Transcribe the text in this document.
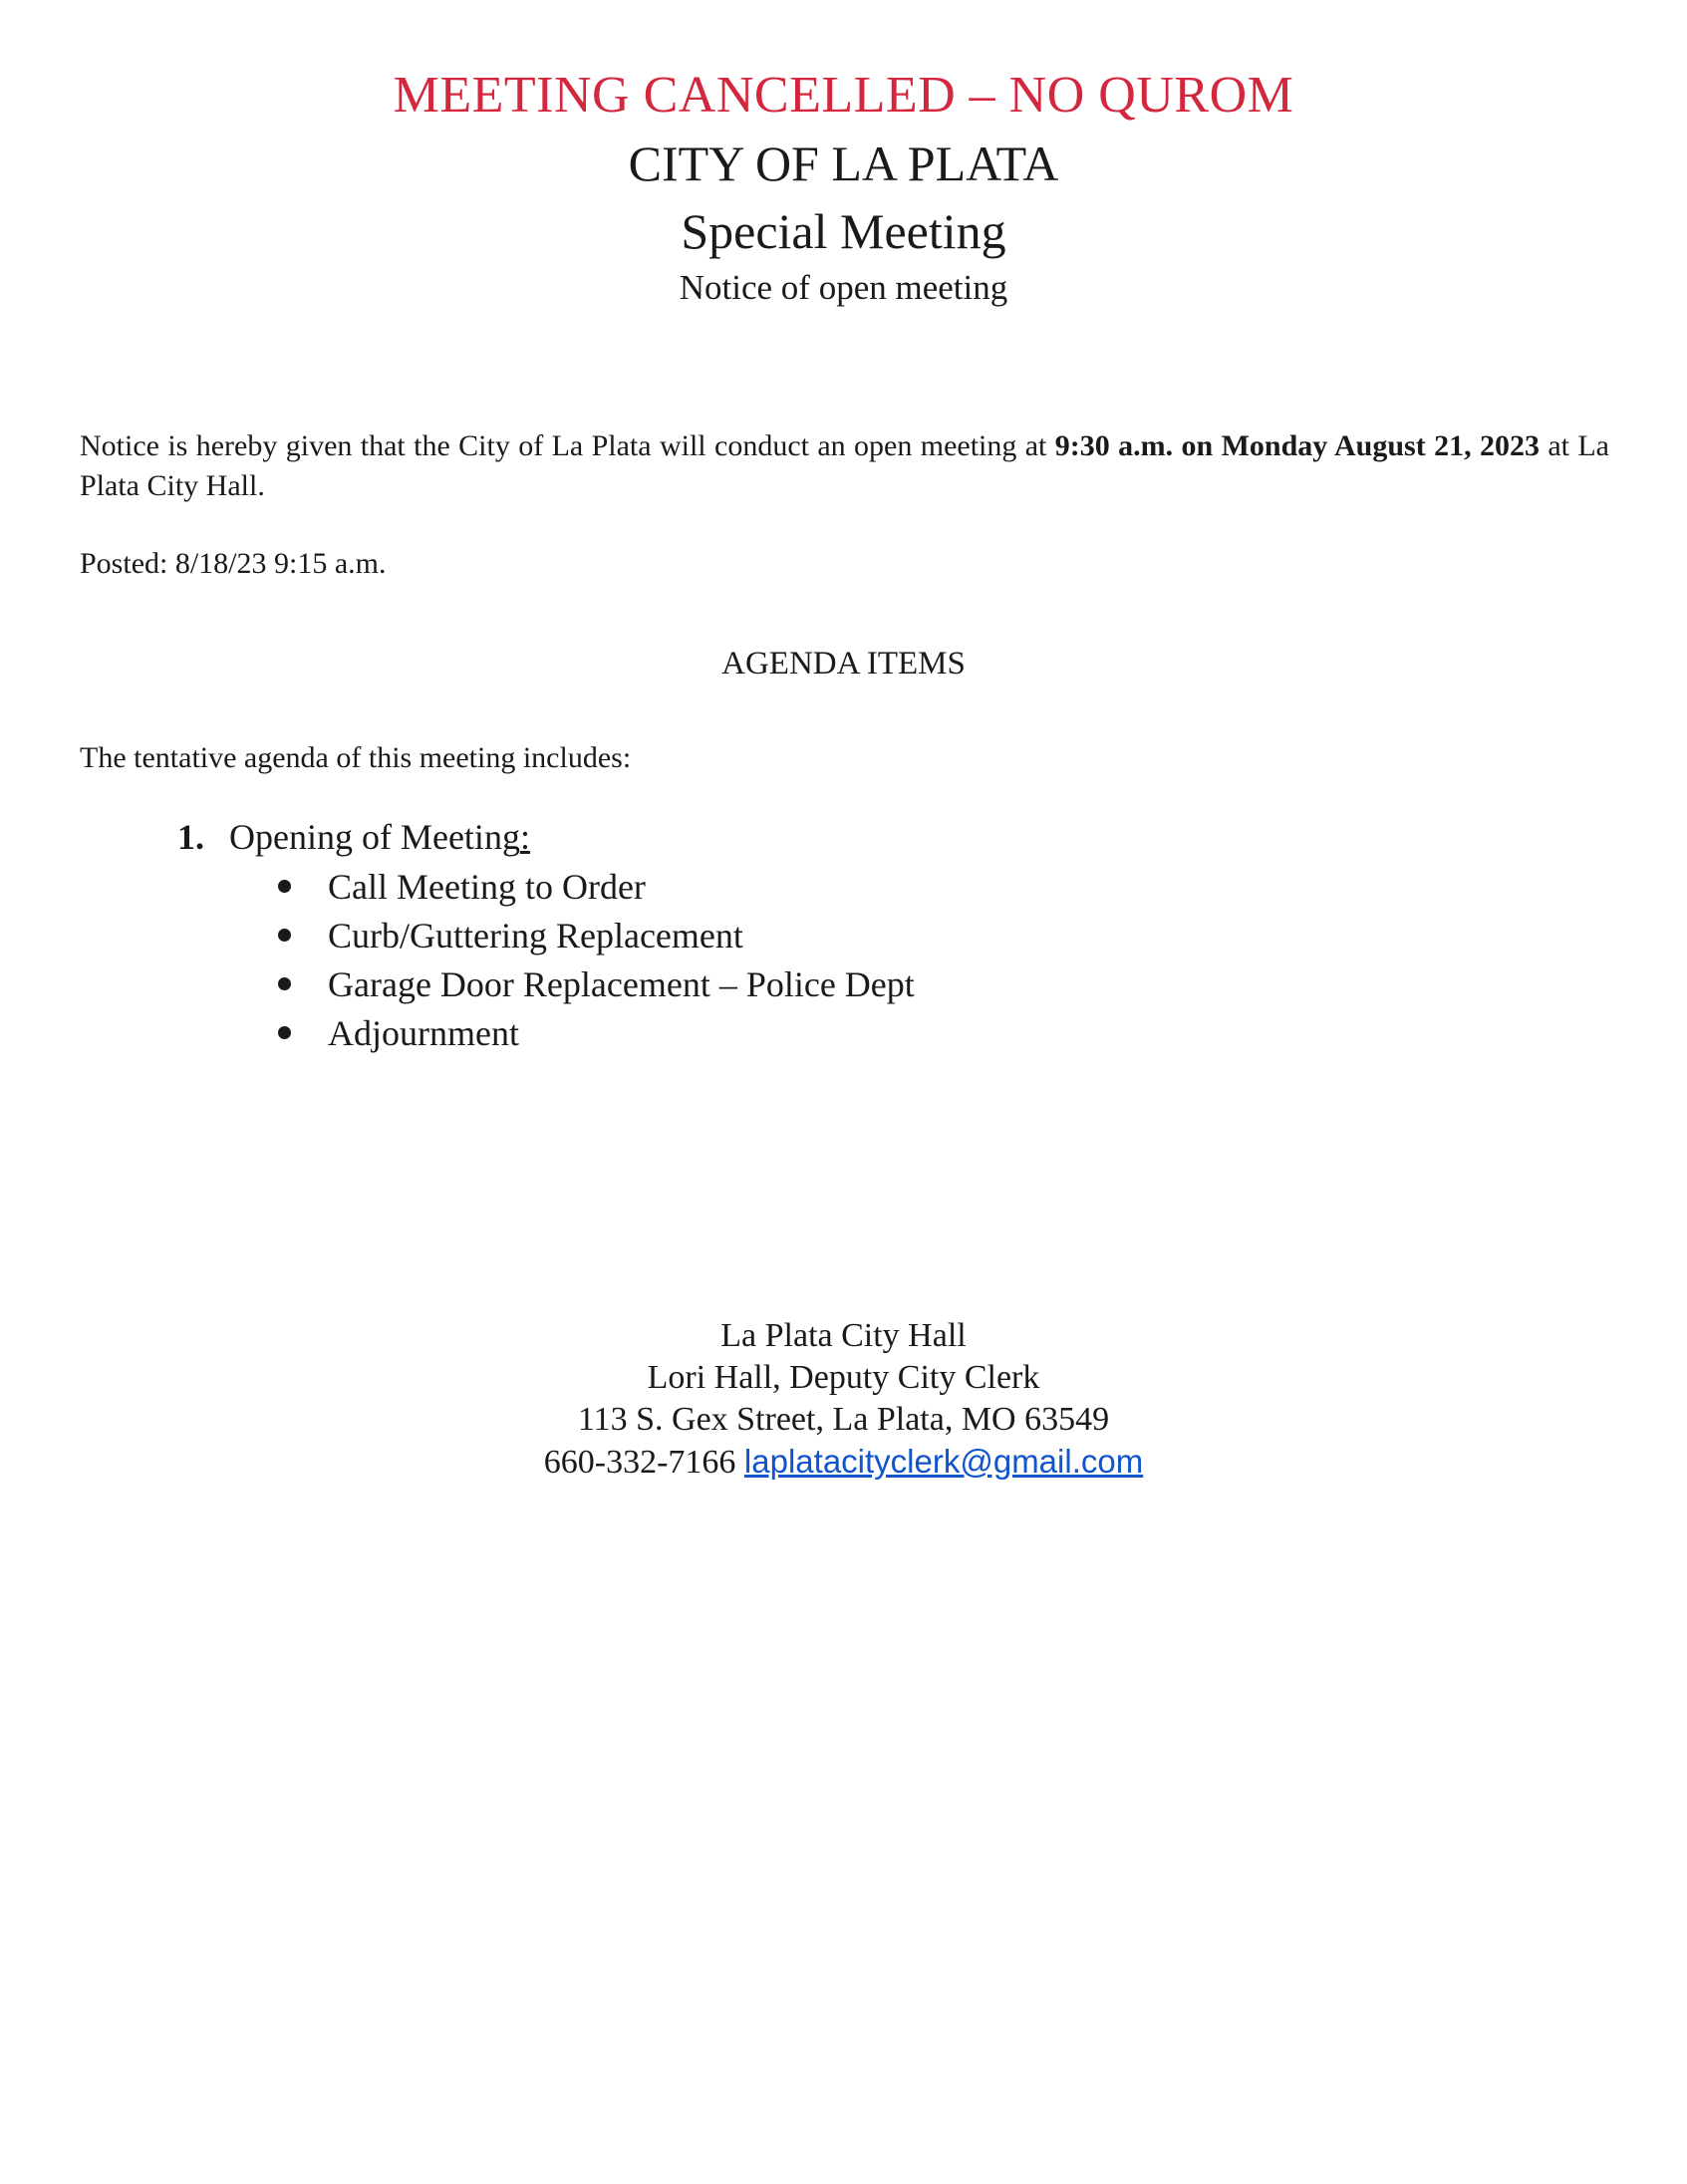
MEETING CANCELLED – NO QUROM
CITY OF LA PLATA
Special Meeting
Notice of open meeting
Notice is hereby given that the City of La Plata will conduct an open meeting at 9:30 a.m. on Monday August 21, 2023 at La Plata City Hall.
Posted: 8/18/23 9:15 a.m.
AGENDA ITEMS
The tentative agenda of this meeting includes:
1. Opening of Meeting:
Call Meeting to Order
Curb/Guttering Replacement
Garage Door Replacement – Police Dept
Adjournment
La Plata City Hall
Lori Hall, Deputy City Clerk
113 S. Gex Street, La Plata, MO 63549
660-332-7166 laplatacityclerk@gmail.com
